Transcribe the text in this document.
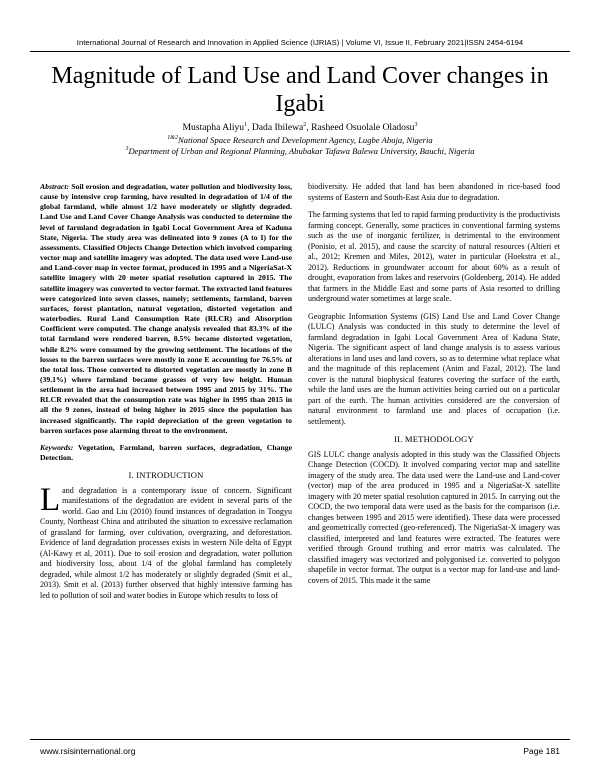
International Journal of Research and Innovation in Applied Science (IJRIAS) | Volume VI, Issue II, February 2021|ISSN 2454-6194
Magnitude of Land Use and Land Cover changes in Igabi
Mustapha Aliyu$^1$, Dada Ibilewa$^2$, Rasheed Osuolale Oladosu$^3$
$^{1\&2}$National Space Research and Development Agency, Lugbe Abuja, Nigeria
$^3$Department of Urban and Regional Planning, Abubakar Tafawa Balewa University, Bauchi, Nigeria

Abstract: Soil erosion and degradation, water pollution and biodiversity loss, cause by intensive crop farming, have resulted in degradation of 1/4 of the global farmland, while almost 1/2 have moderately or slightly degraded. Land Use and Land Cover Change Analysis was conducted to determine the level of farmland degradation in Igabi Local Government Area of Kaduna State, Nigeria. The study area was delineated into 9 zones (A to I) for the assessments. Classified Objects Change Detection which involved comparing vector map and satellite imagery was adopted. The data used were Land-use and Land-cover map in vector format, produced in 1995 and a NigeriaSat-X satellite imagery with 20 meter spatial resolution captured in 2015. The satellite imagery was converted to vector format. The extracted land features were categorized into seven classes, namely; settlements, farmland, barren surfaces, forest plantation, natural vegetation, distorted vegetation and waterbodies. Rural Land Consumption Rate (RLCR) and Absorption Coefficient were computed. The change analysis revealed that 83.3% of the total farmland were rendered barren, 8.5% became distorted vegetation, while 8.2% were consumed by the growing settlement. The locations of the losses to the barren surfaces were mostly in zone E accounting for 76.5% of the total loss. Those converted to distorted vegetation are mostly in zone B (39.1%) where farmland became grasses of very low height. Human settlement in the area had increased between 1995 and 2015 by 31%. The RLCR revealed that the consumption rate was higher in 1995 than 2015 in all the 9 zones, instead of being higher in 2015 since the population has increased significantly. The rapid depreciation of the green vegetation to barren surfaces pose alarming threat to the environment.

Keywords: Vegetation, Farmland, barren surfaces, degradation, Change Detection.

I. INTRODUCTION

Land degradation is a contemporary issue of concern. Significant manifestations of the degradation are evident in several parts of the world. Gao and Liu (2010) found instances of degradation in Tongyu County, Northeast China and attributed the situation to excessive reclamation of grassland for farming, over cultivation, overgrazing, and deforestation. Evidence of land degradation processes exists in western Nile delta of Egypt (Al-Kawy et al, 2011). Due to soil erosion and degradation, water pollution and biodiversity loss, about 1/4 of the global farmland has completely degraded, while almost 1/2 has moderately or slightly degraded (Smit et al., 2013). Smit et al. (2013) further observed that highly intensive farming has led to pollution of soil and water bodies in Europe which results to loss of

biodiversity. He added that land has been abandoned in rice-based food systems of Eastern and South-East Asia due to degradation.

The farming systems that led to rapid farming productivity is the productivists farming concept. Generally, some practices in conventional farming systems such as the use of inorganic fertilizer, is detrimental to the environment (Ponisio, et al. 2015), and cause the scarcity of natural resources (Altieri et al., 2012; Kremen and Miles, 2012), water in particular (Hoekstra et al., 2012). Reductions in groundwater account for about 60% as a result of drought, evaporation from lakes and reservoirs (Goldenberg, 2014). He added that farmers in the Middle East and some parts of Asia resorted to drilling underground water sometimes at large scale.

Geographic Information Systems (GIS) Land Use and Land Cover Change (LULC) Analysis was conducted in this study to determine the level of farmland degradation in Igabi Local Government Area of Kaduna State, Nigeria. The significant aspect of land change analysis is to assess various alterations in land uses and land covers, so as to determine what replace what and the magnitude of this replacement (Anim and Fazal, 2012). The land cover is the natural biophysical features covering the surface of the earth, while the land uses are the human activities being carried out on a particular part of the earth. The human activities considered are the conversion of natural environment to farmland use and places of occupation (i.e. settlement).

II. METHODOLOGY

GIS LULC change analysis adopted in this study was the Classified Objects Change Detection (COCD). It involved comparing vector map and satellite imagery of the study area. The data used were the Land-use and Land-cover (vector) map of the area produced in 1995 and a NigeriaSat-X satellite imagery with 20 meter spatial resolution captured in 2015. In carrying out the COCD, the two temporal data were used as the basis for the comparison (i.e. changes between 1995 and 2015 were identified). These data were processed and geometrically corrected (geo-referenced). The NigeriaSat-X imagery was classified, interpreted and land features were extracted. The features were verified through Ground truthing and error matrix was calculated. The classified imagery was vectorized and polygonised i.e. converted to polygon shapefile in vector format. The output is a vector map for land-use and land-covers of 2015. This made it the same

www.rsisinternational.org	Page 181
